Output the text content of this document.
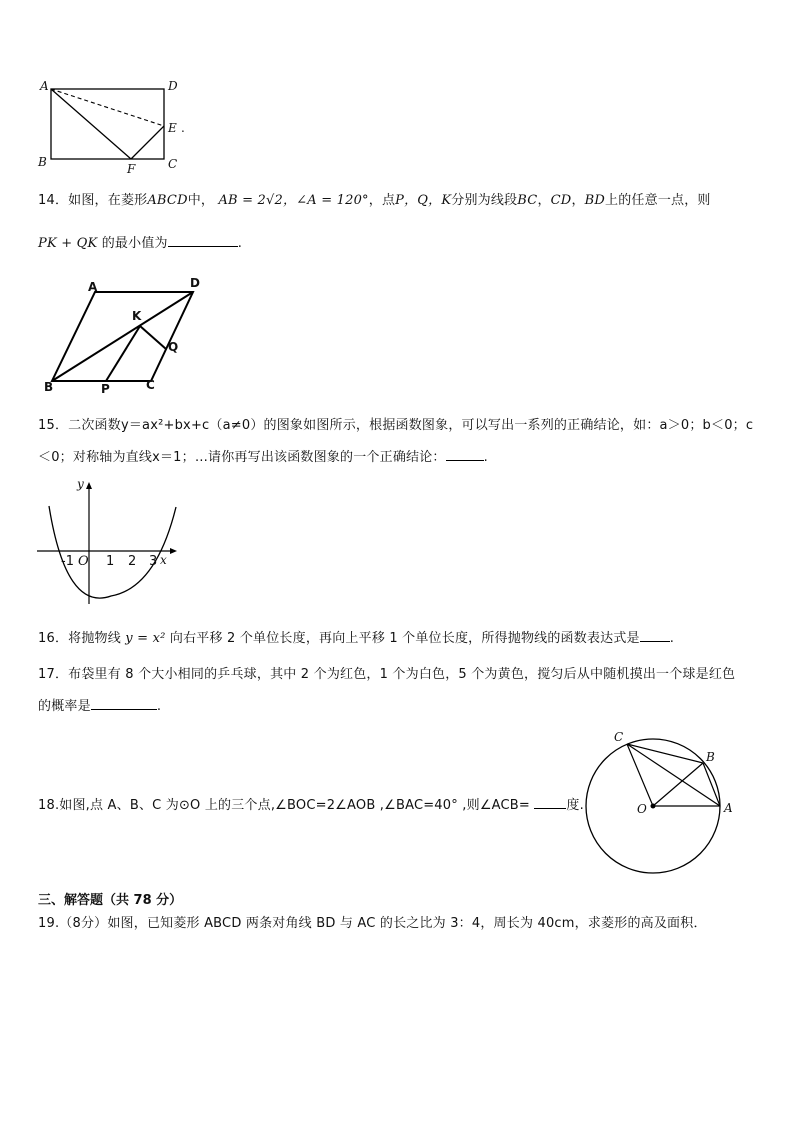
A	D
E .
B	F	C
14．如图，在菱形ABCD中， AB = 2√2，∠A = 120°，点P，Q，K分别为线段BC，CD，BD上的任意一点，则
PK + QK 的最小值为	.
A	D
K
Q
B	P	C
15．二次函数y＝ax²+bx+c（a≠0）的图象如图所示，根据函数图象，可以写出一系列的正确结论，如：a＞0；b＜0；c
＜0；对称轴为直线x＝1；…请你再写出该函数图象的一个正确结论：	.
y
x
-1 O 1 2 3
16．将抛物线 y = x² 向右平移 2 个单位长度，再向上平移 1 个单位长度，所得抛物线的函数表达式是 .
17．布袋里有 8 个大小相同的乒乓球，其中 2 个为红色，1 个为白色，5 个为黄色，搅匀后从中随机摸出一个球是红色
的概率是	.
18.如图,点 A、B、C 为⊙O 上的三个点,∠BOC=2∠AOB ,∠BAC=40° ,则∠ACB=	度.
C
B
O	A
三、解答题（共 78 分）
19.（8分）如图，已知菱形 ABCD 两条对角线 BD 与 AC 的长之比为 3：4，周长为 40cm，求菱形的高及面积．
